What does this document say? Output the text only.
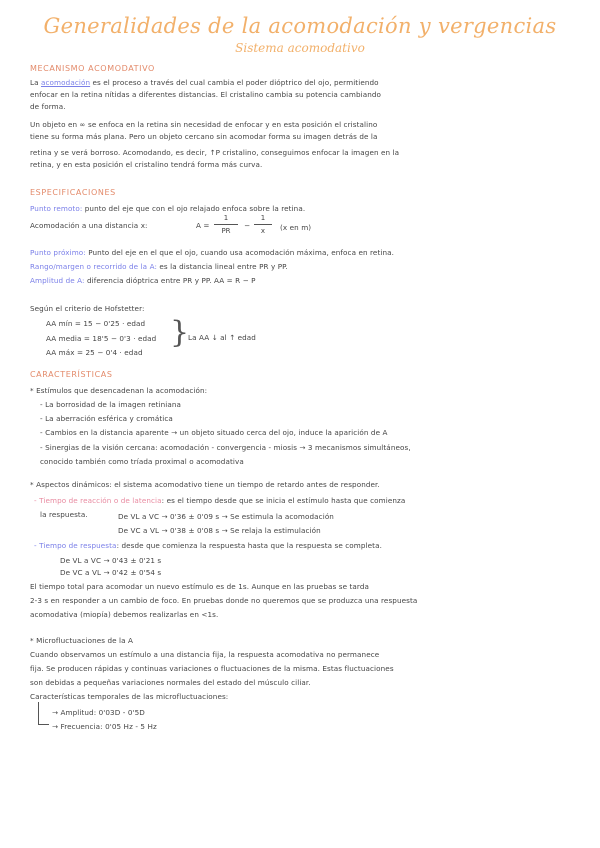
Generalidades de la acomodación y vergencias
Sistema acomodativo
MECANISMO ACOMODATIVO
La acomodación es el proceso a través del cual cambia el poder dióptrico del ojo, permitiendo
enfocar en la retina nítidas a diferentes distancias. El cristalino cambia su potencia cambiando
de forma.
Un objeto en ∞ se enfoca en la retina sin necesidad de enfocar y en esta posición el cristalino
tiene su forma más plana. Pero un objeto cercano sin acomodar forma su imagen detrás de la
retina y se verá borroso. Acomodando, es decir, ↑P cristalino, conseguimos enfocar la imagen en la
retina, y en esta posición el cristalino tendrá forma más curva.
ESPECIFICACIONES
Punto remoto: punto del eje que con el ojo relajado enfoca sobre la retina.
Acomodación a una distancia x:	A =
1
PR
−
1
x	(x en m)
Punto próximo: Punto del eje en el que el ojo, cuando usa acomodación máxima, enfoca en retina.
Rango/margen o recorrido de la A: es la distancia lineal entre PR y PP.
Amplitud de A: diferencia dióptrica entre PR y PP. AA = R − P
Según el criterio de Hofstetter:
AA mín = 15 − 0'25 · edad
AA media = 18'5 − 0'3 · edad
AA máx = 25 − 0'4 · edad
}
La AA ↓ al ↑ edad
CARACTERÍSTICAS
* Estímulos que desencadenan la acomodación:
- La borrosidad de la imagen retiniana
- La aberración esférica y cromática
- Cambios en la distancia aparente → un objeto situado cerca del ojo, induce la aparición de A
- Sinergias de la visión cercana: acomodación - convergencia - miosis → 3 mecanismos simultáneos,
conocido también como tríada proximal o acomodativa
* Aspectos dinámicos: el sistema acomodativo tiene un tiempo de retardo antes de responder.
- Tiempo de reacción o de latencia: es el tiempo desde que se inicia el estímulo hasta que comienza
la respuesta.	De VL a VC → 0'36 ± 0'09 s → Se estimula la acomodación
De VC a VL → 0'38 ± 0'08 s → Se relaja la estimulación
- Tiempo de respuesta: desde que comienza la respuesta hasta que la respuesta se completa.
De VL a VC → 0'43 ± 0'21 s
De VC a VL → 0'42 ± 0'54 s
El tiempo total para acomodar un nuevo estímulo es de 1s. Aunque en las pruebas se tarda
2-3 s en responder a un cambio de foco. En pruebas donde no queremos que se produzca una respuesta
acomodativa (miopía) debemos realizarlas en <1s.
* Microfluctuaciones de la A
Cuando observamos un estímulo a una distancia fija, la respuesta acomodativa no permanece
fija. Se producen rápidas y continuas variaciones o fluctuaciones de la misma. Estas fluctuaciones
son debidas a pequeñas variaciones normales del estado del músculo ciliar.
Características temporales de las microfluctuaciones:
→ Amplitud: 0'03D - 0'5D
→ Frecuencia: 0'05 Hz - 5 Hz
